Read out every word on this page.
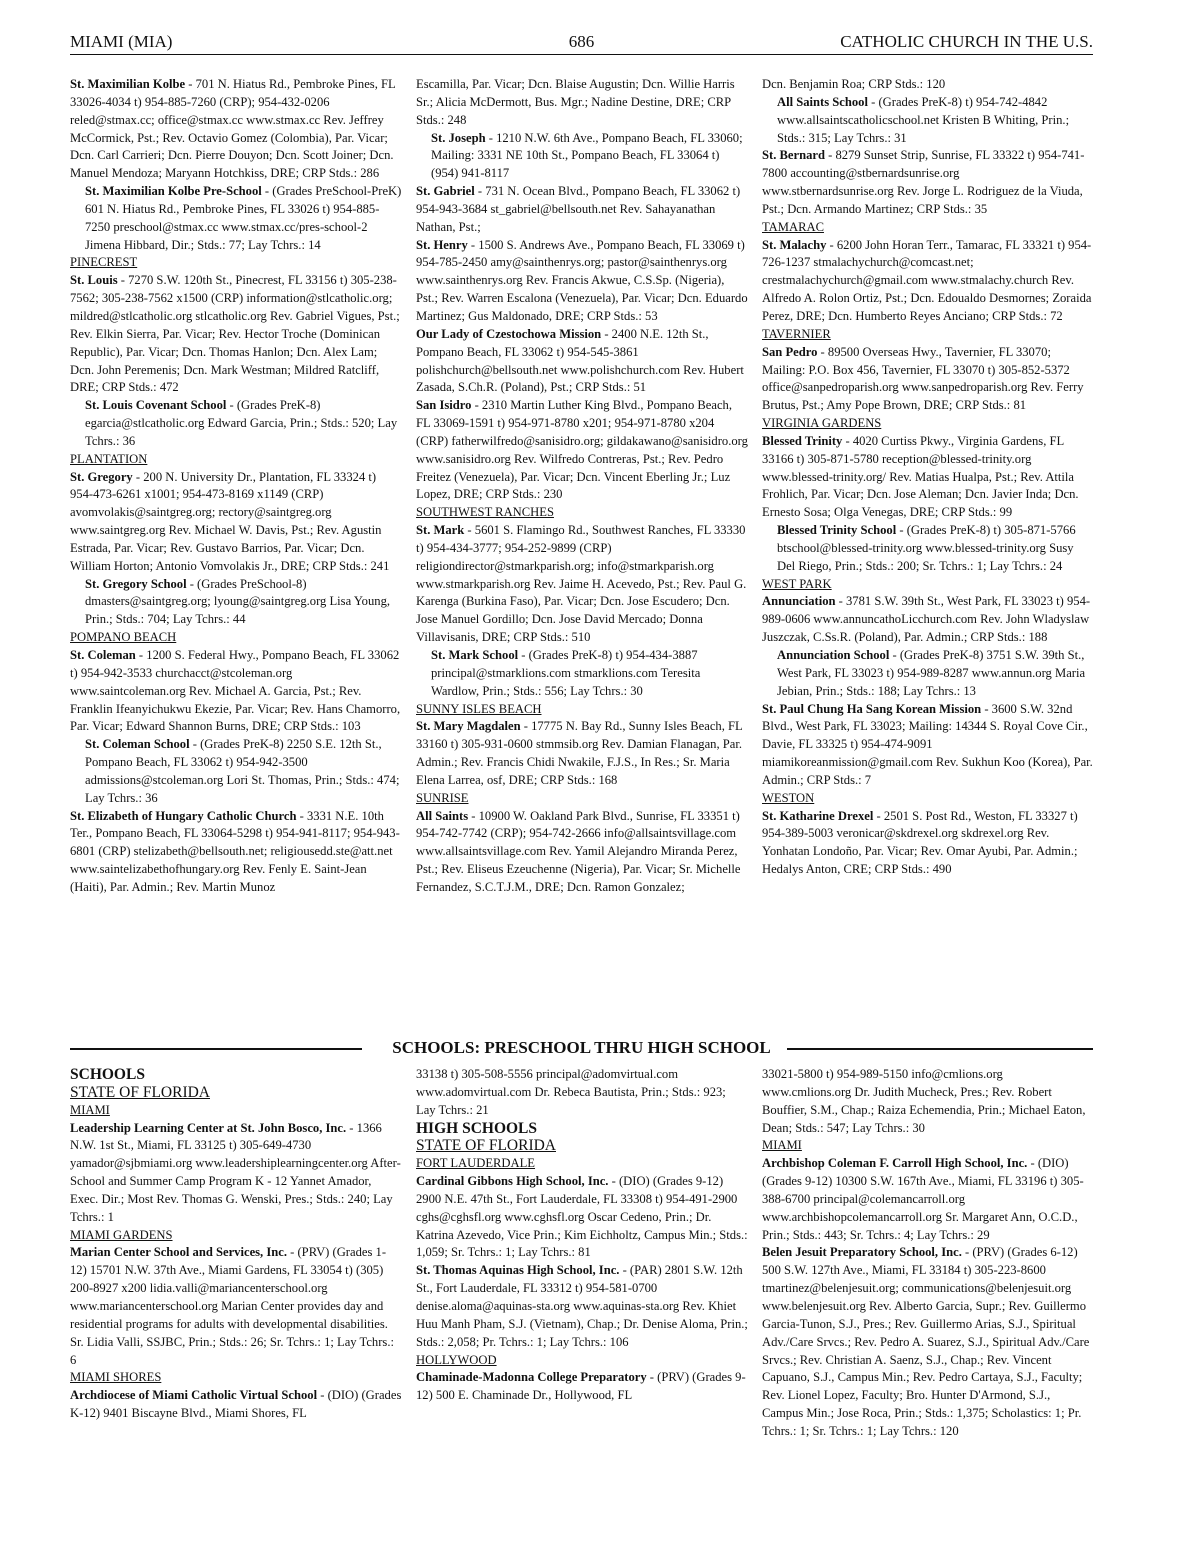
MIAMI (MIA)	686	CATHOLIC CHURCH IN THE U.S.

St. Maximilian Kolbe - 701 N. Hiatus Rd., Pembroke Pines, FL 33026-4034 t) 954-885-7260 (CRP); 954-432-0206 reled@stmax.cc; office@stmax.cc www.stmax.cc Rev. Jeffrey McCormick, Pst.; Rev. Octavio Gomez (Colombia), Par. Vicar; Dcn. Carl Carrieri; Dcn. Pierre Douyon; Dcn. Scott Joiner; Dcn. Manuel Mendoza; Maryann Hotchkiss, DRE; CRP Stds.: 286

St. Maximilian Kolbe Pre-School - (Grades PreSchool-PreK) 601 N. Hiatus Rd., Pembroke Pines, FL 33026 t) 954-885-7250 preschool@stmax.cc www.stmax.cc/pres-school-2 Jimena Hibbard, Dir.; Stds.: 77; Lay Tchrs.: 14

PINECREST

St. Louis - 7270 S.W. 120th St., Pinecrest, FL 33156 t) 305-238-7562; 305-238-7562 x1500 (CRP) information@stlcatholic.org; mildred@stlcatholic.org stlcatholic.org Rev. Gabriel Vigues, Pst.; Rev. Elkin Sierra, Par. Vicar; Rev. Hector Troche (Dominican Republic), Par. Vicar; Dcn. Thomas Hanlon; Dcn. Alex Lam; Dcn. John Peremenis; Dcn. Mark Westman; Mildred Ratcliff, DRE; CRP Stds.: 472

St. Louis Covenant School - (Grades PreK-8) egarcia@stlcatholic.org Edward Garcia, Prin.; Stds.: 520; Lay Tchrs.: 36

PLANTATION

St. Gregory - 200 N. University Dr., Plantation, FL 33324 t) 954-473-6261 x1001; 954-473-8169 x1149 (CRP) avomvolakis@saintgreg.org; rectory@saintgreg.org www.saintgreg.org Rev. Michael W. Davis, Pst.; Rev. Agustin Estrada, Par. Vicar; Rev. Gustavo Barrios, Par. Vicar; Dcn. William Horton; Antonio Vomvolakis Jr., DRE; CRP Stds.: 241

St. Gregory School - (Grades PreSchool-8) dmasters@saintgreg.org; lyoung@saintgreg.org Lisa Young, Prin.; Stds.: 704; Lay Tchrs.: 44

POMPANO BEACH

St. Coleman - 1200 S. Federal Hwy., Pompano Beach, FL 33062 t) 954-942-3533 churchacct@stcoleman.org www.saintcoleman.org Rev. Michael A. Garcia, Pst.; Rev. Franklin Ifeanyichukwu Ekezie, Par. Vicar; Rev. Hans Chamorro, Par. Vicar; Edward Shannon Burns, DRE; CRP Stds.: 103

St. Coleman School - (Grades PreK-8) 2250 S.E. 12th St., Pompano Beach, FL 33062 t) 954-942-3500 admissions@stcoleman.org Lori St. Thomas, Prin.; Stds.: 474; Lay Tchrs.: 36

St. Elizabeth of Hungary Catholic Church - 3331 N.E. 10th Ter., Pompano Beach, FL 33064-5298 t) 954-941-8117; 954-943-6801 (CRP) stelizabeth@bellsouth.net; religiousedd.ste@att.net www.saintelizabethofhungary.org Rev. Fenly E. Saint-Jean (Haiti), Par. Admin.; Rev. Martin Munoz

Escamilla, Par. Vicar; Dcn. Blaise Augustin; Dcn. Willie Harris Sr.; Alicia McDermott, Bus. Mgr.; Nadine Destine, DRE; CRP Stds.: 248

St. Joseph - 1210 N.W. 6th Ave., Pompano Beach, FL 33060; Mailing: 3331 NE 10th St., Pompano Beach, FL 33064 t) (954) 941-8117

St. Gabriel - 731 N. Ocean Blvd., Pompano Beach, FL 33062 t) 954-943-3684 st_gabriel@bellsouth.net Rev. Sahayanathan Nathan, Pst.;

St. Henry - 1500 S. Andrews Ave., Pompano Beach, FL 33069 t) 954-785-2450 amy@sainthenrys.org; pastor@sainthenrys.org www.sainthenrys.org Rev. Francis Akwue, C.S.Sp. (Nigeria), Pst.; Rev. Warren Escalona (Venezuela), Par. Vicar; Dcn. Eduardo Martinez; Gus Maldonado, DRE; CRP Stds.: 53

Our Lady of Czestochowa Mission - 2400 N.E. 12th St., Pompano Beach, FL 33062 t) 954-545-3861 polishchurch@bellsouth.net www.polishchurch.com Rev. Hubert Zasada, S.Ch.R. (Poland), Pst.; CRP Stds.: 51

San Isidro - 2310 Martin Luther King Blvd., Pompano Beach, FL 33069-1591 t) 954-971-8780 x201; 954-971-8780 x204 (CRP) fatherwilfredo@sanisidro.org; gildakawano@sanisidro.org www.sanisidro.org Rev. Wilfredo Contreras, Pst.; Rev. Pedro Freitez (Venezuela), Par. Vicar; Dcn. Vincent Eberling Jr.; Luz Lopez, DRE; CRP Stds.: 230

SOUTHWEST RANCHES

St. Mark - 5601 S. Flamingo Rd., Southwest Ranches, FL 33330 t) 954-434-3777; 954-252-9899 (CRP) religiondirector@stmarkparish.org; info@stmarkparish.org www.stmarkparish.org Rev. Jaime H. Acevedo, Pst.; Rev. Paul G. Karenga (Burkina Faso), Par. Vicar; Dcn. Jose Escudero; Dcn. Jose Manuel Gordillo; Dcn. Jose David Mercado; Donna Villavisanis, DRE; CRP Stds.: 510

St. Mark School - (Grades PreK-8) t) 954-434-3887 principal@stmarklions.com stmarklions.com Teresita Wardlow, Prin.; Stds.: 556; Lay Tchrs.: 30

SUNNY ISLES BEACH

St. Mary Magdalen - 17775 N. Bay Rd., Sunny Isles Beach, FL 33160 t) 305-931-0600 stmmsib.org Rev. Damian Flanagan, Par. Admin.; Rev. Francis Chidi Nwakile, F.J.S., In Res.; Sr. Maria Elena Larrea, osf, DRE; CRP Stds.: 168

SUNRISE

All Saints - 10900 W. Oakland Park Blvd., Sunrise, FL 33351 t) 954-742-7742 (CRP); 954-742-2666 info@allsaintsvillage.com www.allsaintsvillage.com Rev. Yamil Alejandro Miranda Perez, Pst.; Rev. Eliseus Ezeuchenne (Nigeria), Par. Vicar; Sr. Michelle Fernandez, S.C.T.J.M., DRE; Dcn. Ramon Gonzalez;

Dcn. Benjamin Roa; CRP Stds.: 120

All Saints School - (Grades PreK-8) t) 954-742-4842 www.allsaintscatholicschool.net Kristen B Whiting, Prin.; Stds.: 315; Lay Tchrs.: 31

St. Bernard - 8279 Sunset Strip, Sunrise, FL 33322 t) 954-741-7800 accounting@stbernardsunrise.org www.stbernardsunrise.org Rev. Jorge L. Rodriguez de la Viuda, Pst.; Dcn. Armando Martinez; CRP Stds.: 35

TAMARAC

St. Malachy - 6200 John Horan Terr., Tamarac, FL 33321 t) 954-726-1237 stmalachychurch@comcast.net; crestmalachychurch@gmail.com www.stmalachy.church Rev. Alfredo A. Rolon Ortiz, Pst.; Dcn. Edoualdo Desmornes; Zoraida Perez, DRE; Dcn. Humberto Reyes Anciano; CRP Stds.: 72

TAVERNIER

San Pedro - 89500 Overseas Hwy., Tavernier, FL 33070; Mailing: P.O. Box 456, Tavernier, FL 33070 t) 305-852-5372 office@sanpedroparish.org www.sanpedroparish.org Rev. Ferry Brutus, Pst.; Amy Pope Brown, DRE; CRP Stds.: 81

VIRGINIA GARDENS

Blessed Trinity - 4020 Curtiss Pkwy., Virginia Gardens, FL 33166 t) 305-871-5780 reception@blessed-trinity.org www.blessed-trinity.org/ Rev. Matias Hualpa, Pst.; Rev. Attila Frohlich, Par. Vicar; Dcn. Jose Aleman; Dcn. Javier Inda; Dcn. Ernesto Sosa; Olga Venegas, DRE; CRP Stds.: 99

Blessed Trinity School - (Grades PreK-8) t) 305-871-5766 btschool@blessed-trinity.org www.blessed-trinity.org Susy Del Riego, Prin.; Stds.: 200; Sr. Tchrs.: 1; Lay Tchrs.: 24

WEST PARK

Annunciation - 3781 S.W. 39th St., West Park, FL 33023 t) 954-989-0606 www.annuncathoLicchurch.com Rev. John Wladyslaw Juszczak, C.Ss.R. (Poland), Par. Admin.; CRP Stds.: 188

Annunciation School - (Grades PreK-8) 3751 S.W. 39th St., West Park, FL 33023 t) 954-989-8287 www.annun.org Maria Jebian, Prin.; Stds.: 188; Lay Tchrs.: 13

St. Paul Chung Ha Sang Korean Mission - 3600 S.W. 32nd Blvd., West Park, FL 33023; Mailing: 14344 S. Royal Cove Cir., Davie, FL 33325 t) 954-474-9091 miamikoreanmission@gmail.com Rev. Sukhun Koo (Korea), Par. Admin.; CRP Stds.: 7

WESTON

St. Katharine Drexel - 2501 S. Post Rd., Weston, FL 33327 t) 954-389-5003 veronicar@skdrexel.org skdrexel.org Rev. Yonhatan Londoño, Par. Vicar; Rev. Omar Ayubi, Par. Admin.; Hedalys Anton, CRE; CRP Stds.: 490

SCHOOLS: PRESCHOOL THRU HIGH SCHOOL

SCHOOLS

STATE OF FLORIDA

MIAMI

Leadership Learning Center at St. John Bosco, Inc. - 1366 N.W. 1st St., Miami, FL 33125 t) 305-649-4730 yamador@sjbmiami.org www.leadershiplearningcenter.org After-School and Summer Camp Program K - 12 Yannet Amador, Exec. Dir.; Most Rev. Thomas G. Wenski, Pres.; Stds.: 240; Lay Tchrs.: 1

MIAMI GARDENS

Marian Center School and Services, Inc. - (PRV) (Grades 1-12) 15701 N.W. 37th Ave., Miami Gardens, FL 33054 t) (305) 200-8927 x200 lidia.valli@mariancenterschool.org www.mariancenterschool.org Marian Center provides day and residential programs for adults with developmental disabilities. Sr. Lidia Valli, SSJBC, Prin.; Stds.: 26; Sr. Tchrs.: 1; Lay Tchrs.: 6

MIAMI SHORES

Archdiocese of Miami Catholic Virtual School - (DIO) (Grades K-12) 9401 Biscayne Blvd., Miami Shores, FL

33138 t) 305-508-5556 principal@adomvirtual.com www.adomvirtual.com Dr. Rebeca Bautista, Prin.; Stds.: 923; Lay Tchrs.: 21

HIGH SCHOOLS

STATE OF FLORIDA

FORT LAUDERDALE

Cardinal Gibbons High School, Inc. - (DIO) (Grades 9-12) 2900 N.E. 47th St., Fort Lauderdale, FL 33308 t) 954-491-2900 cghs@cghsfl.org www.cghsfl.org Oscar Cedeno, Prin.; Dr. Katrina Azevedo, Vice Prin.; Kim Eichholtz, Campus Min.; Stds.: 1,059; Sr. Tchrs.: 1; Lay Tchrs.: 81

St. Thomas Aquinas High School, Inc. - (PAR) 2801 S.W. 12th St., Fort Lauderdale, FL 33312 t) 954-581-0700 denise.aloma@aquinas-sta.org www.aquinas-sta.org Rev. Khiet Huu Manh Pham, S.J. (Vietnam), Chap.; Dr. Denise Aloma, Prin.; Stds.: 2,058; Pr. Tchrs.: 1; Lay Tchrs.: 106

HOLLYWOOD

Chaminade-Madonna College Preparatory - (PRV) (Grades 9-12) 500 E. Chaminade Dr., Hollywood, FL

33021-5800 t) 954-989-5150 info@cmlions.org www.cmlions.org Dr. Judith Mucheck, Pres.; Rev. Robert Bouffier, S.M., Chap.; Raiza Echemendia, Prin.; Michael Eaton, Dean; Stds.: 547; Lay Tchrs.: 30

MIAMI

Archbishop Coleman F. Carroll High School, Inc. - (DIO) (Grades 9-12) 10300 S.W. 167th Ave., Miami, FL 33196 t) 305-388-6700 principal@colemancarroll.org www.archbishopcolemancarroll.org Sr. Margaret Ann, O.C.D., Prin.; Stds.: 443; Sr. Tchrs.: 4; Lay Tchrs.: 29

Belen Jesuit Preparatory School, Inc. - (PRV) (Grades 6-12) 500 S.W. 127th Ave., Miami, FL 33184 t) 305-223-8600 tmartinez@belenjesuit.org; communications@belenjesuit.org www.belenjesuit.org Rev. Alberto Garcia, Supr.; Rev. Guillermo Garcia-Tunon, S.J., Pres.; Rev. Guillermo Arias, S.J., Spiritual Adv./Care Srvcs.; Rev. Pedro A. Suarez, S.J., Spiritual Adv./Care Srvcs.; Rev. Christian A. Saenz, S.J., Chap.; Rev. Vincent Capuano, S.J., Campus Min.; Rev. Pedro Cartaya, S.J., Faculty; Rev. Lionel Lopez, Faculty; Bro. Hunter D'Armond, S.J., Campus Min.; Jose Roca, Prin.; Stds.: 1,375; Scholastics: 1; Pr. Tchrs.: 1; Sr. Tchrs.: 1; Lay Tchrs.: 120
